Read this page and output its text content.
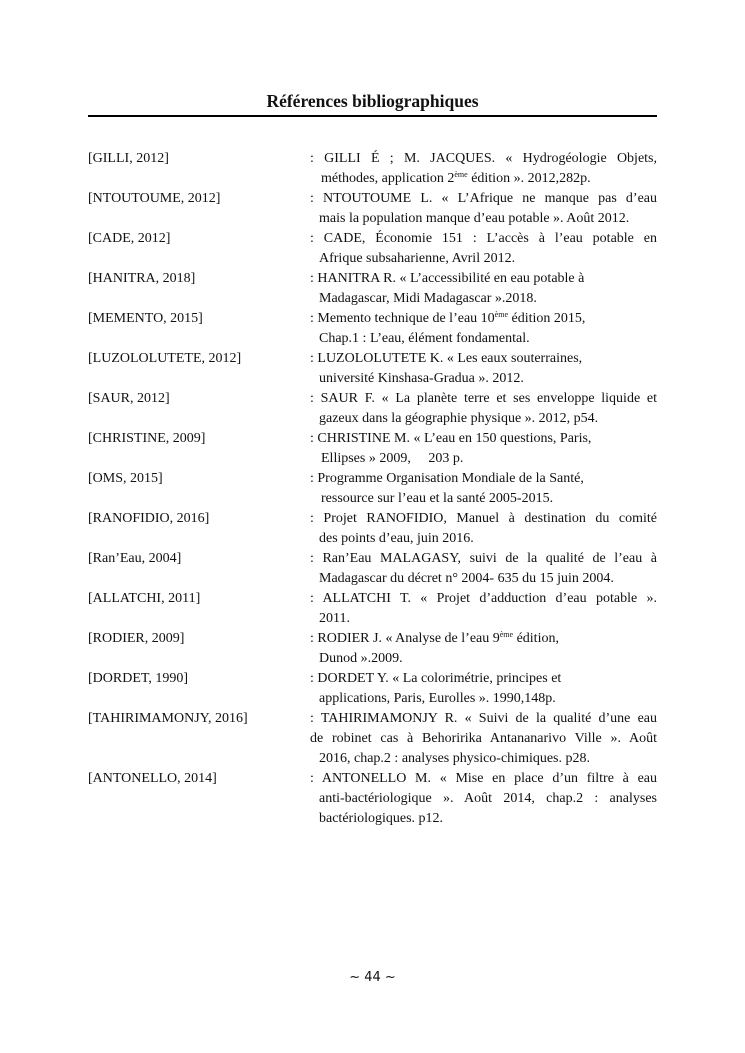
Références bibliographiques
[GILLI, 2012]	: GILLI É ; M. JACQUES. « Hydrogéologie Objets,
méthodes, application 2ème édition ». 2012,282p.
[NTOUTOUME, 2012]	: NTOUTOUME L. « L’Afrique ne manque pas d’eau
mais la population manque d’eau potable ». Août 2012.
[CADE, 2012]	: CADE, Économie 151 : L’accès à l’eau potable en
Afrique subsaharienne, Avril 2012.
[HANITRA, 2018]	: HANITRA R. « L’accessibilité en eau potable à
Madagascar, Midi Madagascar ».2018.
[MEMENTO, 2015]	: Memento technique de l’eau 10ème édition 2015,
Chap.1 : L’eau, élément fondamental.
[LUZOLOLUTETE, 2012]	: LUZOLOLUTETE K. « Les eaux souterraines,
université Kinshasa-Gradua ». 2012.
[SAUR, 2012]	: SAUR F. « La planète terre et ses enveloppe liquide et
gazeux dans la géographie physique ». 2012, p54.
[CHRISTINE, 2009]	: CHRISTINE M. « L’eau en 150 questions, Paris,
Ellipses » 2009,     203 p.
[OMS, 2015]	: Programme Organisation Mondiale de la Santé,
ressource sur l’eau et la santé 2005-2015.
[RANOFIDIO, 2016]	: Projet RANOFIDIO, Manuel à destination du comité
des points d’eau, juin 2016.
[Ran’Eau, 2004]	: Ran’Eau MALAGASY, suivi de la qualité de l’eau à
Madagascar du décret n° 2004- 635 du 15 juin 2004.
[ALLATCHI, 2011]	: ALLATCHI T. « Projet d’adduction d’eau potable ».
2011.
[RODIER, 2009]	: RODIER J. « Analyse de l’eau 9ème édition,
Dunod ».2009.
[DORDET, 1990]	: DORDET Y. « La colorimétrie, principes et
applications, Paris, Eurolles ». 1990,148p.
[TAHIRIMAMONJY, 2016]	: TAHIRIMAMONJY R. « Suivi de la qualité d’une eau
de robinet cas à Behoririka Antananarivo Ville ». Août
2016, chap.2 : analyses physico-chimiques. p28.
[ANTONELLO, 2014]	: ANTONELLO M. « Mise en place d’un filtre à eau
anti-bactériologique ». Août 2014, chap.2 : analyses
bactériologiques. p12.
~ 44 ~
